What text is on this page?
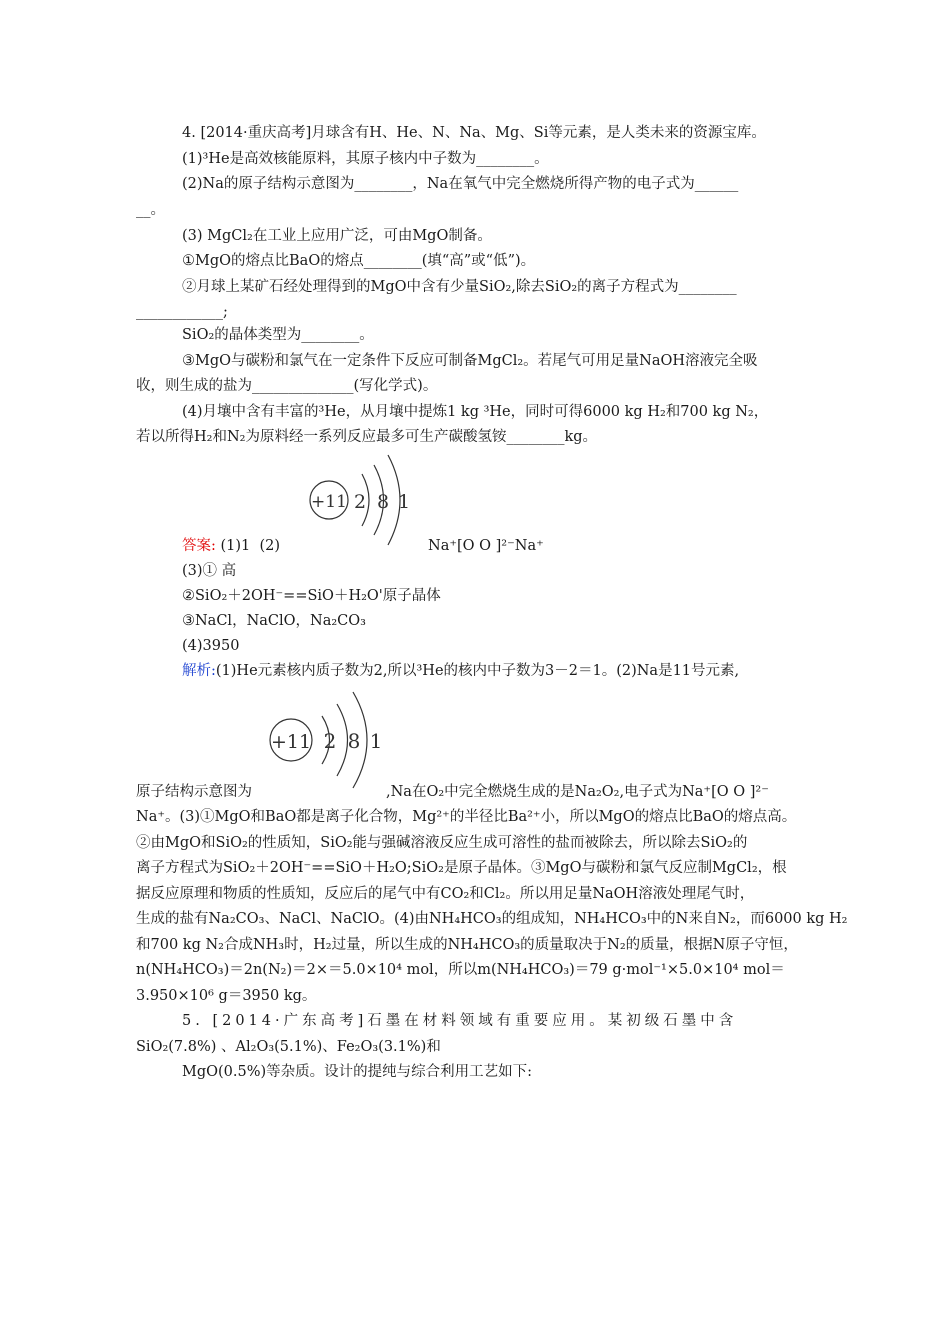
4. [2014·重庆高考]月球含有H、He、N、Na、Mg、Si等元素，是人类未来的资源宝库。
(1)³He是高效核能原料，其原子核内中子数为________。
(2)Na的原子结构示意图为________，Na在氧气中完全燃烧所得产物的电子式为______
__。
(3) MgCl₂在工业上应用广泛，可由MgO制备。
①MgO的熔点比BaO的熔点________(填“高”或“低”)。
②月球上某矿石经处理得到的MgO中含有少量SiO₂,除去SiO₂的离子方程式为________
____________;
SiO₂的晶体类型为________。
③MgO与碳粉和氯气在一定条件下反应可制备MgCl₂。若尾气可用足量NaOH溶液完全吸
收，则生成的盐为______________(写化学式)。
(4)月壤中含有丰富的³He，从月壤中提炼1 kg ³He，同时可得6000 kg H₂和700 kg N₂，
若以所得H₂和N₂为原料经一系列反应最多可生产碳酸氢铵________kg。
+11 2 8 1
答案: (1)1  (2)	Na⁺[O O ]²⁻Na⁺
(3)① 高
②SiO₂＋2OH⁻==SiO＋H₂O'原子晶体
③NaCl，NaClO，Na₂CO₃
(4)3950
解析:(1)He元素核内质子数为2,所以³He的核内中子数为3－2＝1。(2)Na是11号元素,
+11 2 8 1
原子结构示意图为	,Na在O₂中完全燃烧生成的是Na₂O₂,电子式为Na⁺[O O ]²⁻
Na⁺。(3)①MgO和BaO都是离子化合物，Mg²⁺的半径比Ba²⁺小，所以MgO的熔点比BaO的熔点高。
②由MgO和SiO₂的性质知，SiO₂能与强碱溶液反应生成可溶性的盐而被除去，所以除去SiO₂的
离子方程式为SiO₂＋2OH⁻==SiO＋H₂O;SiO₂是原子晶体。③MgO与碳粉和氯气反应制MgCl₂，根
据反应原理和物质的性质知，反应后的尾气中有CO₂和Cl₂。所以用足量NaOH溶液处理尾气时，
生成的盐有Na₂CO₃、NaCl、NaClO。(4)由NH₄HCO₃的组成知，NH₄HCO₃中的N来自N₂，而6000 kg H₂
和700 kg N₂合成NH₃时，H₂过量，所以生成的NH₄HCO₃的质量取决于N₂的质量，根据N原子守恒，
n(NH₄HCO₃)＝2n(N₂)＝2×＝5.0×10⁴ mol，所以m(NH₄HCO₃)＝79 g·mol⁻¹×5.0×10⁴ mol＝
3.950×10⁶ g＝3950 kg。
5. [2014·广东高考]石墨在材料领域有重要应用。某初级石墨中含
SiO₂(7.8%) 、Al₂O₃(5.1%)、Fe₂O₃(3.1%)和
MgO(0.5%)等杂质。设计的提纯与综合利用工艺如下:
